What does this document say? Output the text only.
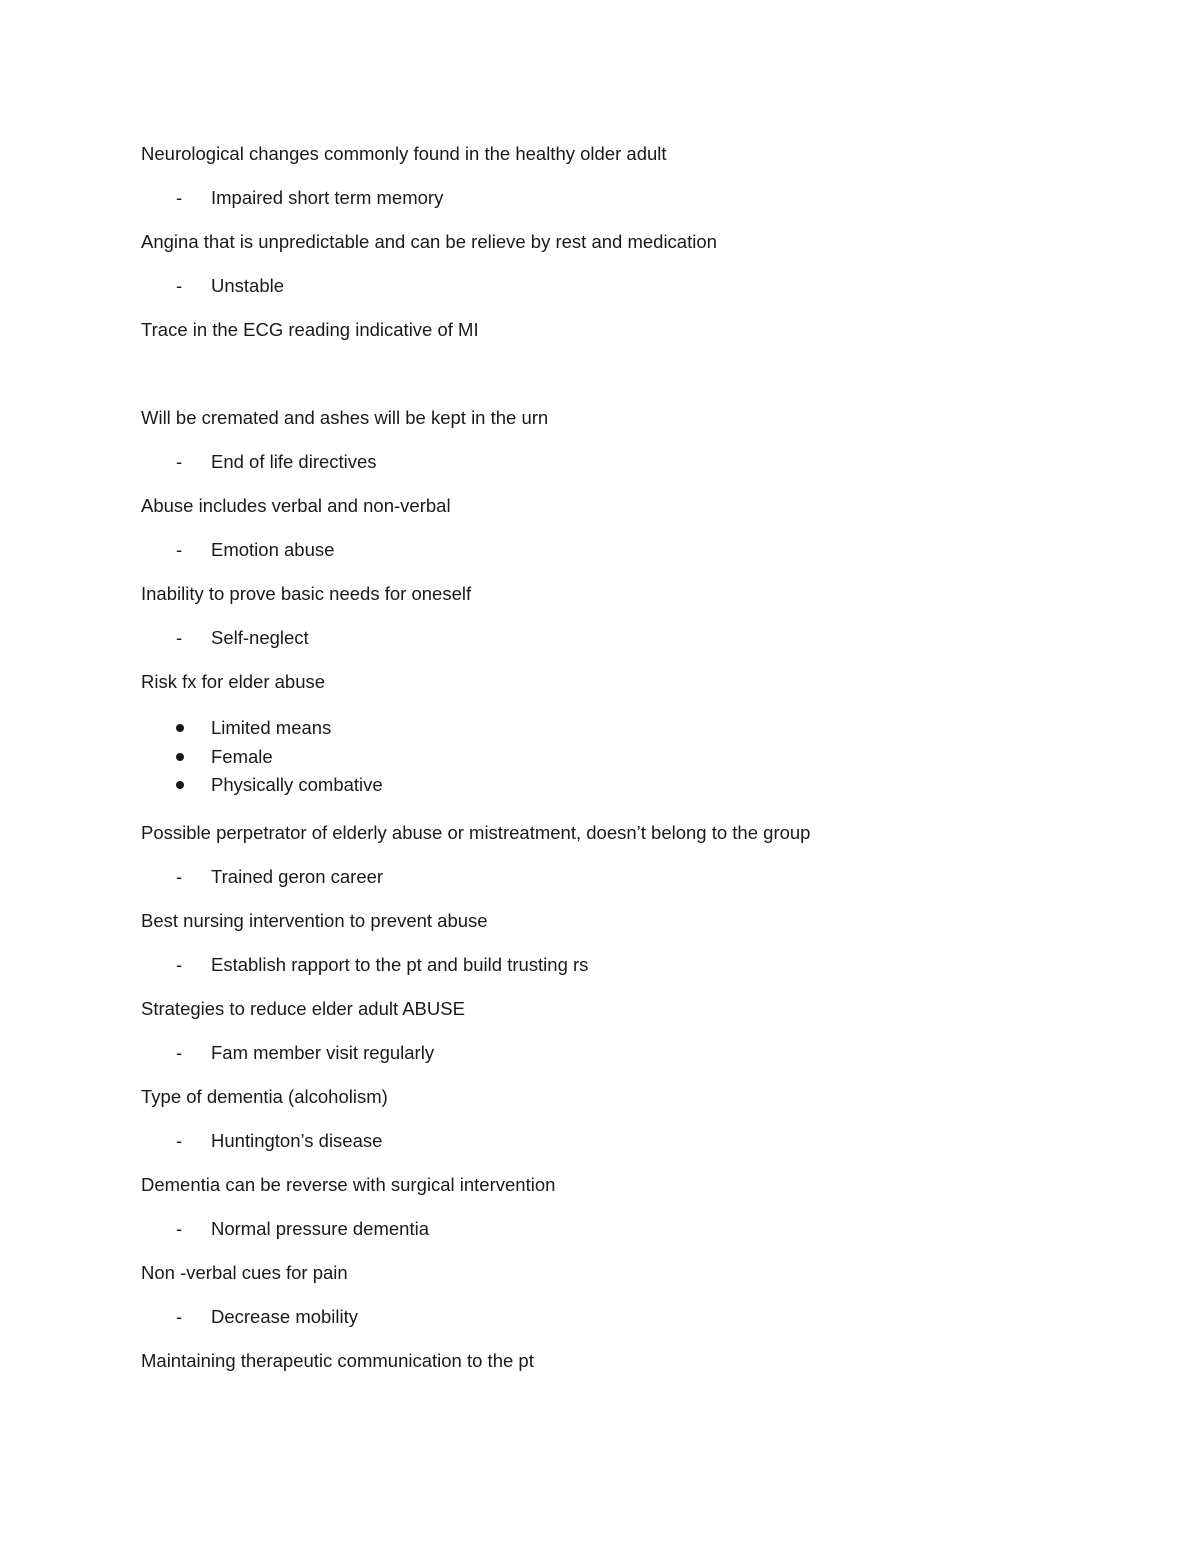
Neurological changes commonly found in the healthy older adult
- Impaired short term memory
Angina that is unpredictable and can be relieve by rest and medication
- Unstable
Trace in the ECG reading indicative of MI
Will be cremated and ashes will be kept in the urn
- End of life directives
Abuse includes verbal and non-verbal
- Emotion abuse
Inability to prove basic needs for oneself
- Self-neglect
Risk fx for elder abuse
Limited means
Female
Physically combative
Possible perpetrator of elderly abuse or mistreatment, doesn’t belong to the group
- Trained geron career
Best nursing intervention to prevent abuse
- Establish rapport to the pt and build trusting rs
Strategies to reduce elder adult ABUSE
- Fam member visit regularly
Type of dementia (alcoholism)
- Huntington’s disease
Dementia can be reverse with surgical intervention
- Normal pressure dementia
Non -verbal cues for pain
- Decrease mobility
Maintaining therapeutic communication to the pt
